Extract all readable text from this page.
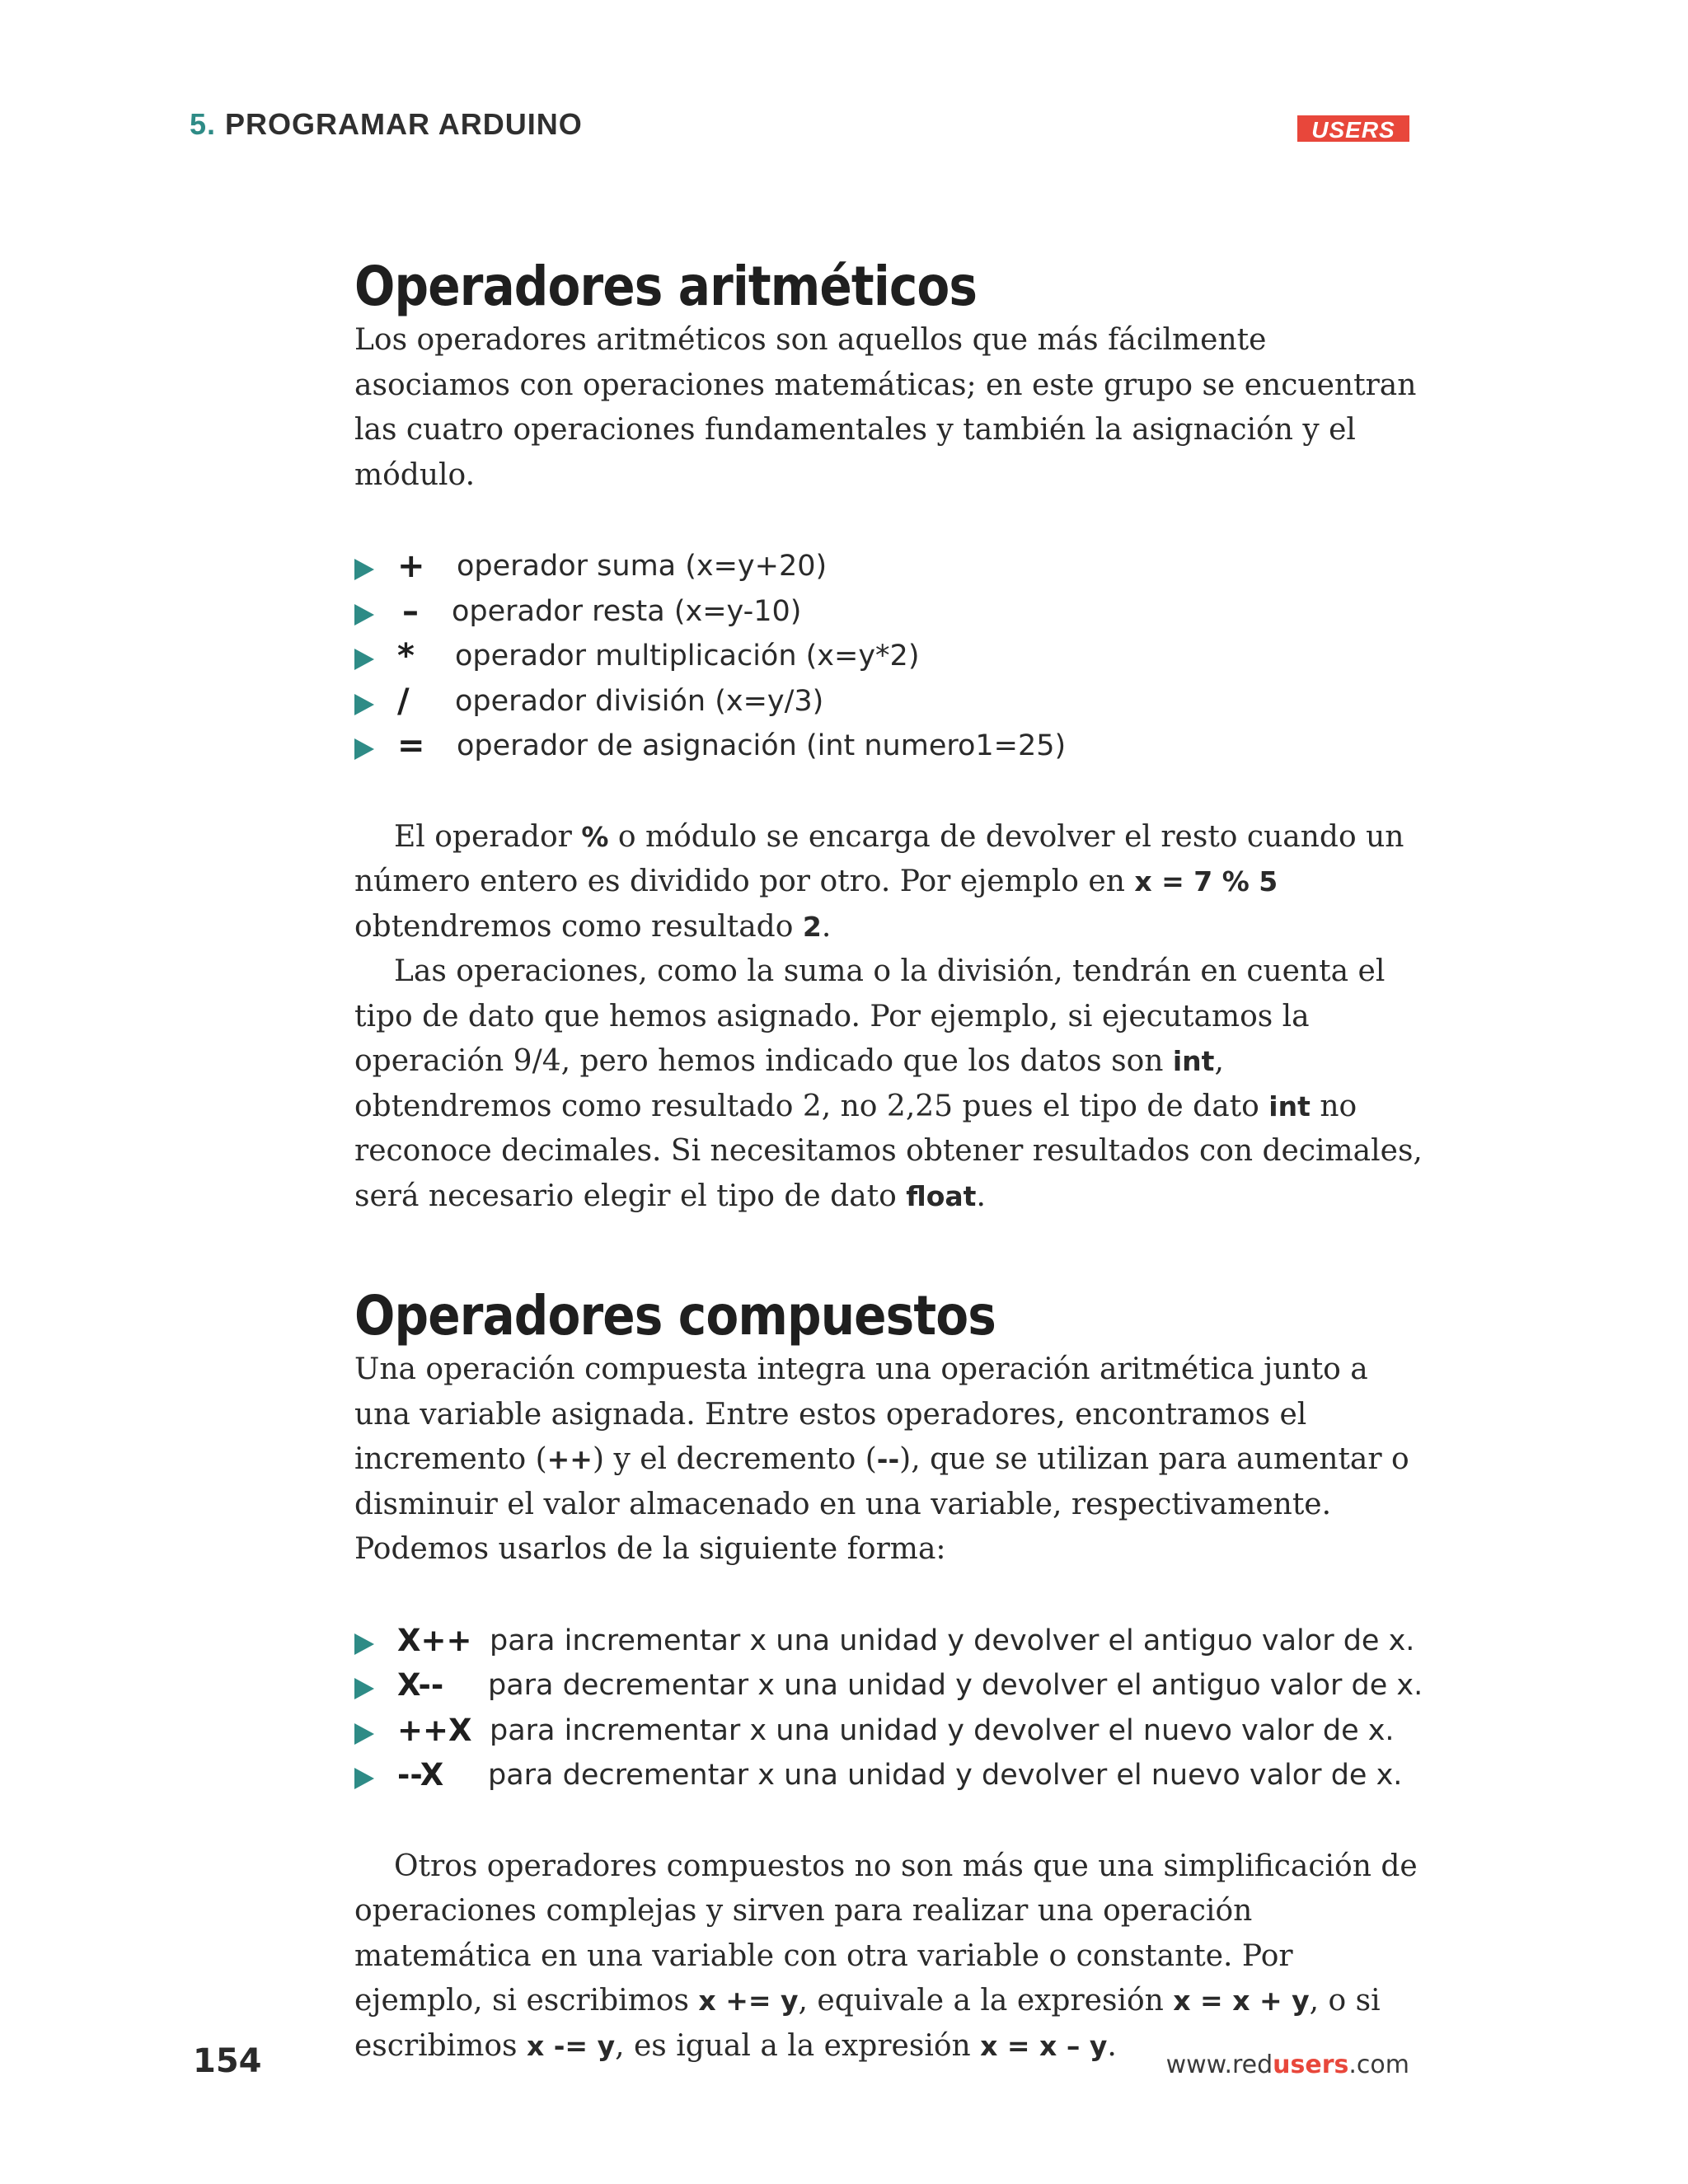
5. PROGRAMAR ARDUINO	USERS
Operadores aritméticos

Los operadores aritméticos son aquellos que más fácilmente asociamos con operaciones matemáticas; en este grupo se encuentran las cuatro operaciones fundamentales y también la asignación y el módulo.

+ operador suma (x=y+20)
– operador resta (x=y-10)
* operador multiplicación (x=y*2)
/ operador división (x=y/3)
= operador de asignación (int numero1=25)

El operador % o módulo se encarga de devolver el resto cuando un número entero es dividido por otro. Por ejemplo en x = 7 % 5 obtendremos como resultado 2.

Las operaciones, como la suma o la división, tendrán en cuenta el tipo de dato que hemos asignado. Por ejemplo, si ejecutamos la operación 9/4, pero hemos indicado que los datos son int, obtendremos como resultado 2, no 2,25 pues el tipo de dato int no reconoce decimales. Si necesitamos obtener resultados con decimales, será necesario elegir el tipo de dato float.

Operadores compuestos

Una operación compuesta integra una operación aritmética junto a una variable asignada. Entre estos operadores, encontramos el incremento (++) y el decremento (--), que se utilizan para aumentar o disminuir el valor almacenado en una variable, respectivamente.

Podemos usarlos de la siguiente forma:

X++ para incrementar x una unidad y devolver el antiguo valor de x.
X-- para decrementar x una unidad y devolver el antiguo valor de x.
++X para incrementar x una unidad y devolver el nuevo valor de x.
--X para decrementar x una unidad y devolver el nuevo valor de x.

Otros operadores compuestos no son más que una simplificación de operaciones complejas y sirven para realizar una operación matemática en una variable con otra variable o constante. Por ejemplo, si escribimos x += y, equivale a la expresión x = x + y, o si escribimos x -= y, es igual a la expresión x = x – y.

154	www.redusers.com
